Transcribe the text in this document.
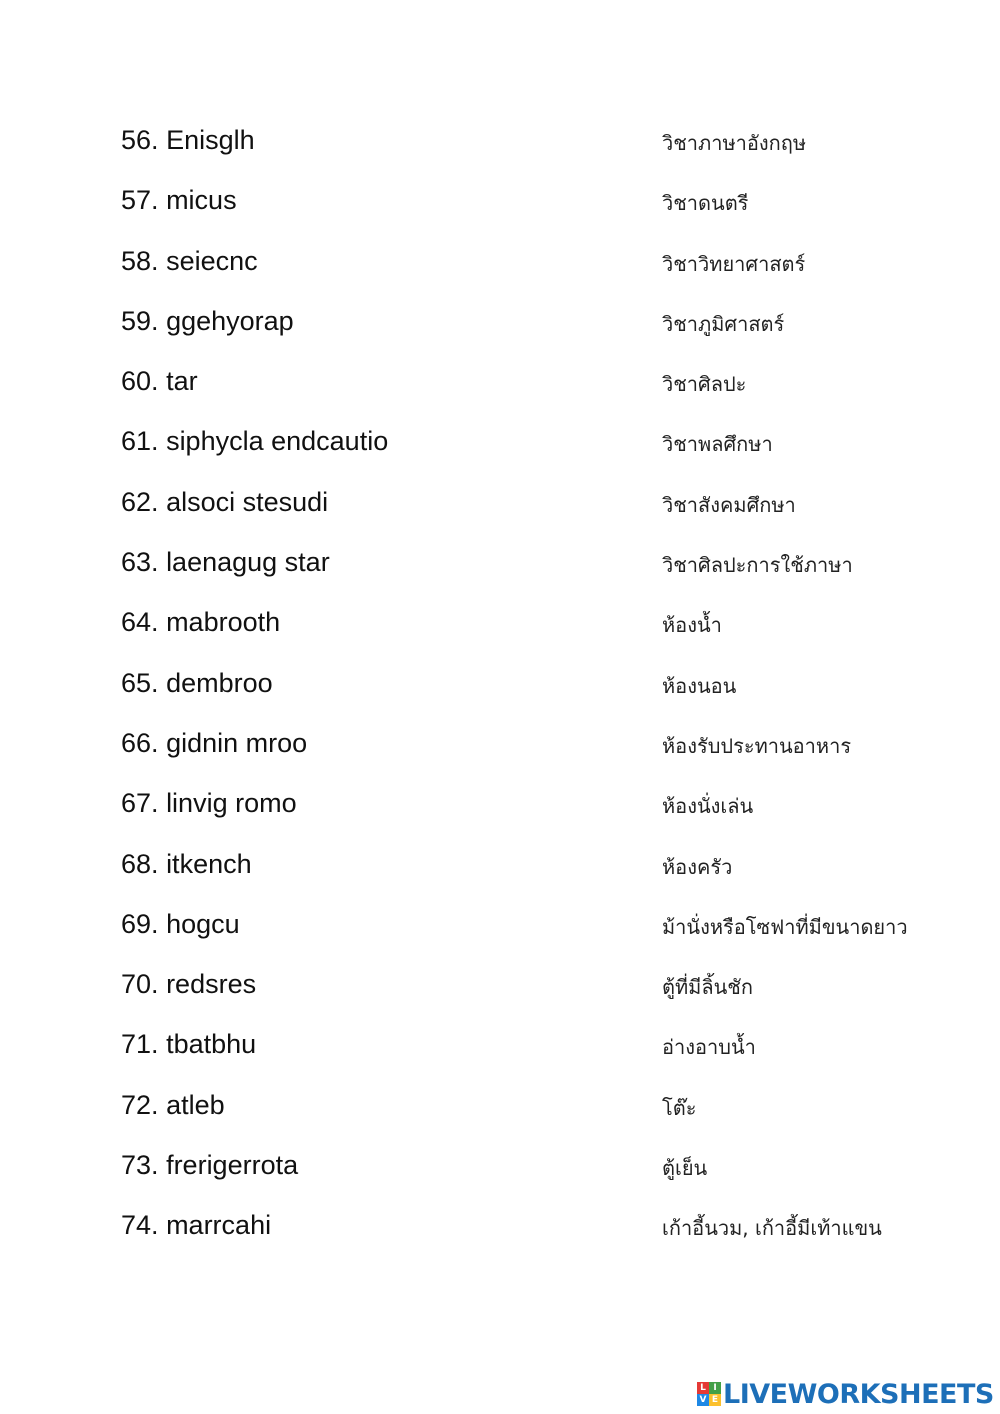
56. Enisglh	วิชาภาษาอังกฤษ
57. micus	วิชาดนตรี
58. seiecnc	วิชาวิทยาศาสตร์
59. ggehyorap	วิชาภูมิศาสตร์
60. tar	วิชาศิลปะ
61. siphycla endcautio	วิชาพลศึกษา
62. alsoci stesudi	วิชาสังคมศึกษา
63. laenagug star	วิชาศิลปะการใช้ภาษา
64. mabrooth	ห้องน้ำ
65. dembroo	ห้องนอน
66. gidnin mroo	ห้องรับประทานอาหาร
67. linvig romo	ห้องนั่งเล่น
68. itkench	ห้องครัว
69. hogcu	ม้านั่งหรือโซฟาที่มีขนาดยาว
70. redsres	ตู้ที่มีลิ้นชัก
71. tbatbhu	อ่างอาบน้ำ
72. atleb	โต๊ะ
73. frerigerrota	ตู้เย็น
74. marrcahi	เก้าอี้นวม, เก้าอี้มีเท้าแขน
L I
V E LIVEWORKSHEETS
